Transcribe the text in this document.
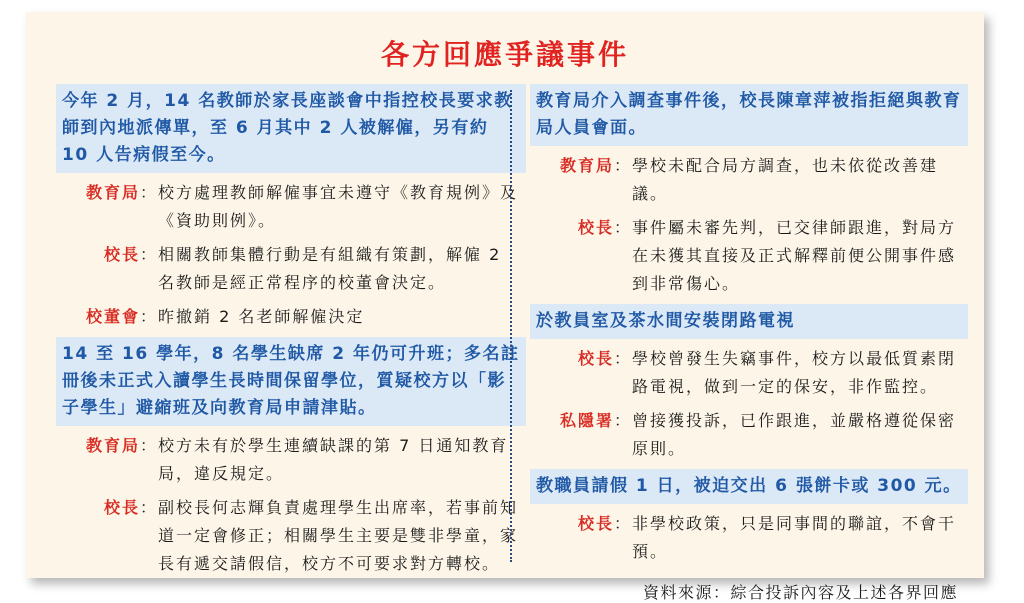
各方回應爭議事件
今年 2 月，14 名教師於家長座談會中指控校長要求教師到內地派傳單，至 6 月其中 2 人被解僱，另有約 10 人告病假至今。
教育局 ： 校方處理教師解僱事宜未遵守《教育規例》及《資助則例》。
校長 ： 相關教師集體行動是有組織有策劃，解僱 2 名教師是經正常程序的校董會決定。
校董會 ： 昨撤銷 2 名老師解僱決定
14 至 16 學年，8 名學生缺席 2 年仍可升班；多名註冊後未正式入讀學生長時間保留學位，質疑校方以「影子學生」避縮班及向教育局申請津貼。
教育局 ： 校方未有於學生連續缺課的第 7 日通知教育局，違反規定。
校長 ： 副校長何志輝負責處理學生出席率，若事前知道一定會修正；相關學生主要是雙非學童，家長有遞交請假信，校方不可要求對方轉校。
教育局介入調查事件後，校長陳章萍被指拒絕與教育局人員會面。
教育局 ： 學校未配合局方調查，也未依從改善建議。
校長 ： 事件屬未審先判，已交律師跟進，對局方在未獲其直接及正式解釋前便公開事件感到非常傷心。
於教員室及茶水間安裝閉路電視
校長 ： 學校曾發生失竊事件，校方以最低質素閉路電視，做到一定的保安，非作監控。
私隱署 ： 曾接獲投訴，已作跟進，並嚴格遵從保密原則。
教職員請假 1 日，被迫交出 6 張餅卡或 300 元。
校長 ： 非學校政策，只是同事間的聯誼，不會干預。
資料來源：綜合投訴內容及上述各界回應
